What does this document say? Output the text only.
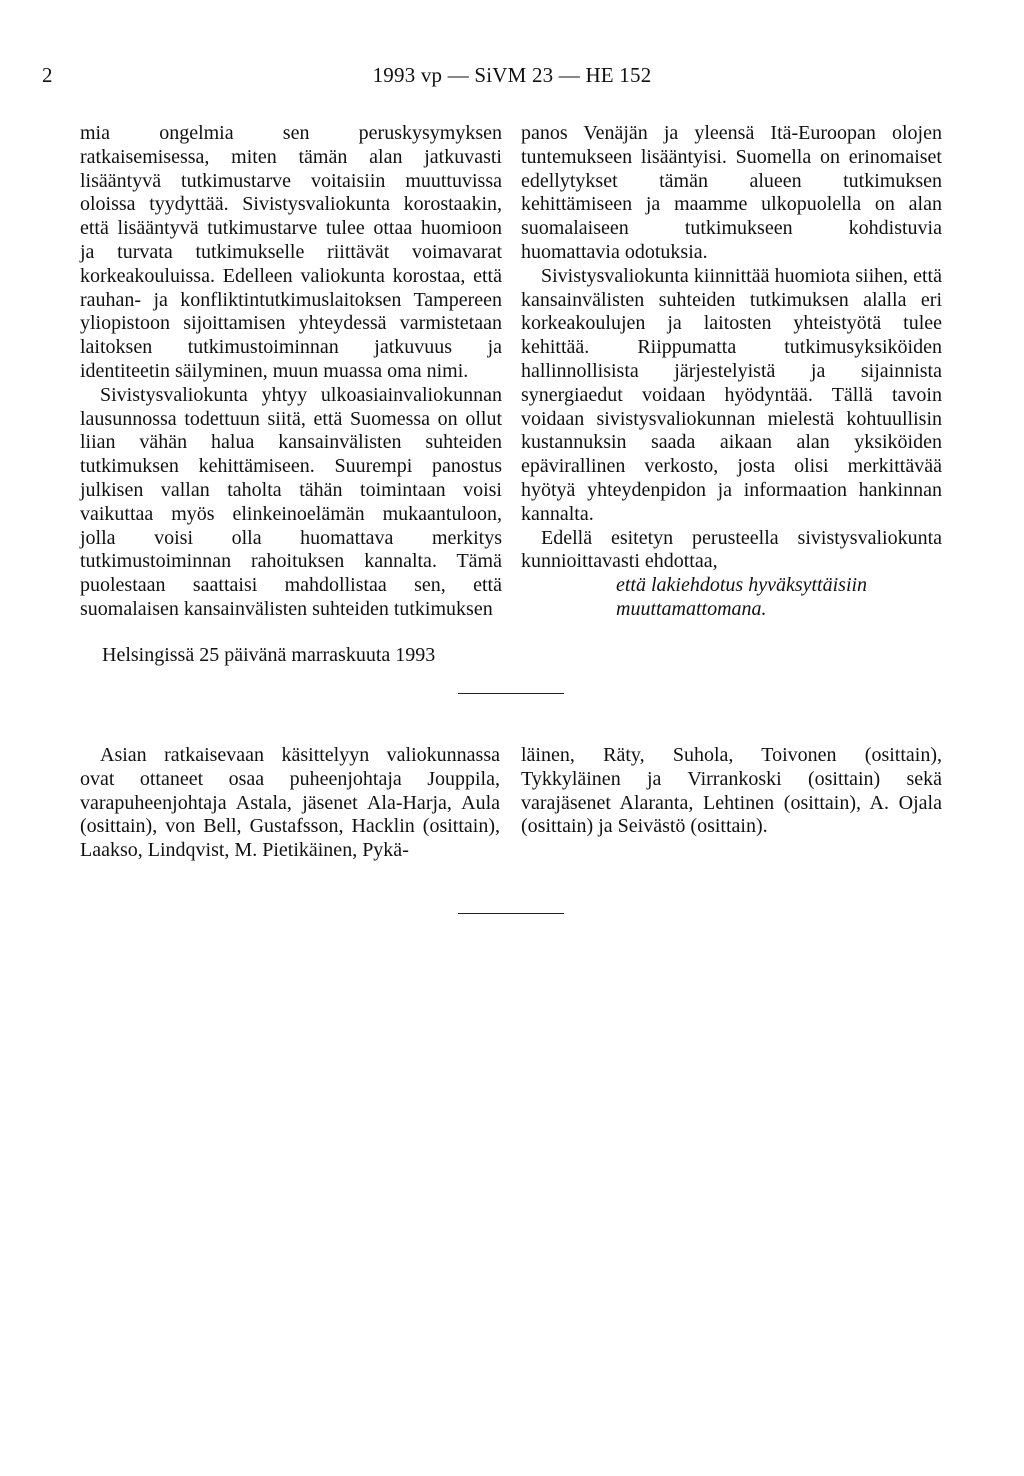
2	1993 vp — SiVM 23 — HE 152

mia ongelmia sen peruskysymyksen ratkaisemisessa, miten tämän alan jatkuvasti lisääntyvä tutkimustarve voitaisiin muuttuvissa oloissa tyydyttää. Sivistysvaliokunta korostaakin, että lisääntyvä tutkimustarve tulee ottaa huomioon ja turvata tutkimukselle riittävät voimavarat korkeakouluissa. Edelleen valiokunta korostaa, että rauhan- ja konfliktintutkimuslaitoksen Tampereen yliopistoon sijoittamisen yhteydessä varmistetaan laitoksen tutkimustoiminnan jatkuvuus ja identiteetin säilyminen, muun muassa oma nimi.

Sivistysvaliokunta yhtyy ulkoasiainvaliokunnan lausunnossa todettuun siitä, että Suomessa on ollut liian vähän halua kansainvälisten suhteiden tutkimuksen kehittämiseen. Suurempi panostus julkisen vallan taholta tähän toimintaan voisi vaikuttaa myös elinkeinoelämän mukaantuloon, jolla voisi olla huomattava merkitys tutkimustoiminnan rahoituksen kannalta. Tämä puolestaan saattaisi mahdollistaa sen, että suomalaisen kansainvälisten suhteiden tutkimuksen

panos Venäjän ja yleensä Itä-Euroopan olojen tuntemukseen lisääntyisi. Suomella on erinomaiset edellytykset tämän alueen tutkimuksen kehittämiseen ja maamme ulkopuolella on alan suomalaiseen tutkimukseen kohdistuvia huomattavia odotuksia.

Sivistysvaliokunta kiinnittää huomiota siihen, että kansainvälisten suhteiden tutkimuksen alalla eri korkeakoulujen ja laitosten yhteistyötä tulee kehittää. Riippumatta tutkimusyksiköiden hallinnollisista järjestelyistä ja sijainnista synergiaedut voidaan hyödyntää. Tällä tavoin voidaan sivistysvaliokunnan mielestä kohtuullisin kustannuksin saada aikaan alan yksiköiden epävirallinen verkosto, josta olisi merkittävää hyötyä yhteydenpidon ja informaation hankinnan kannalta.

Edellä esitetyn perusteella sivistysvaliokunta kunnioittavasti ehdottaa,

että lakiehdotus hyväksyttäisiin muuttamattomana.

Helsingissä 25 päivänä marraskuuta 1993

Asian ratkaisevaan käsittelyyn valiokunnassa ovat ottaneet osaa puheenjohtaja Jouppila, varapuheenjohtaja Astala, jäsenet Ala-Harja, Aula (osittain), von Bell, Gustafsson, Hacklin (osittain), Laakso, Lindqvist, M. Pietikäinen, Pykä-

läinen, Räty, Suhola, Toivonen (osittain), Tykkyläinen ja Virrankoski (osittain) sekä varajäsenet Alaranta, Lehtinen (osittain), A. Ojala (osittain) ja Seivästö (osittain).
